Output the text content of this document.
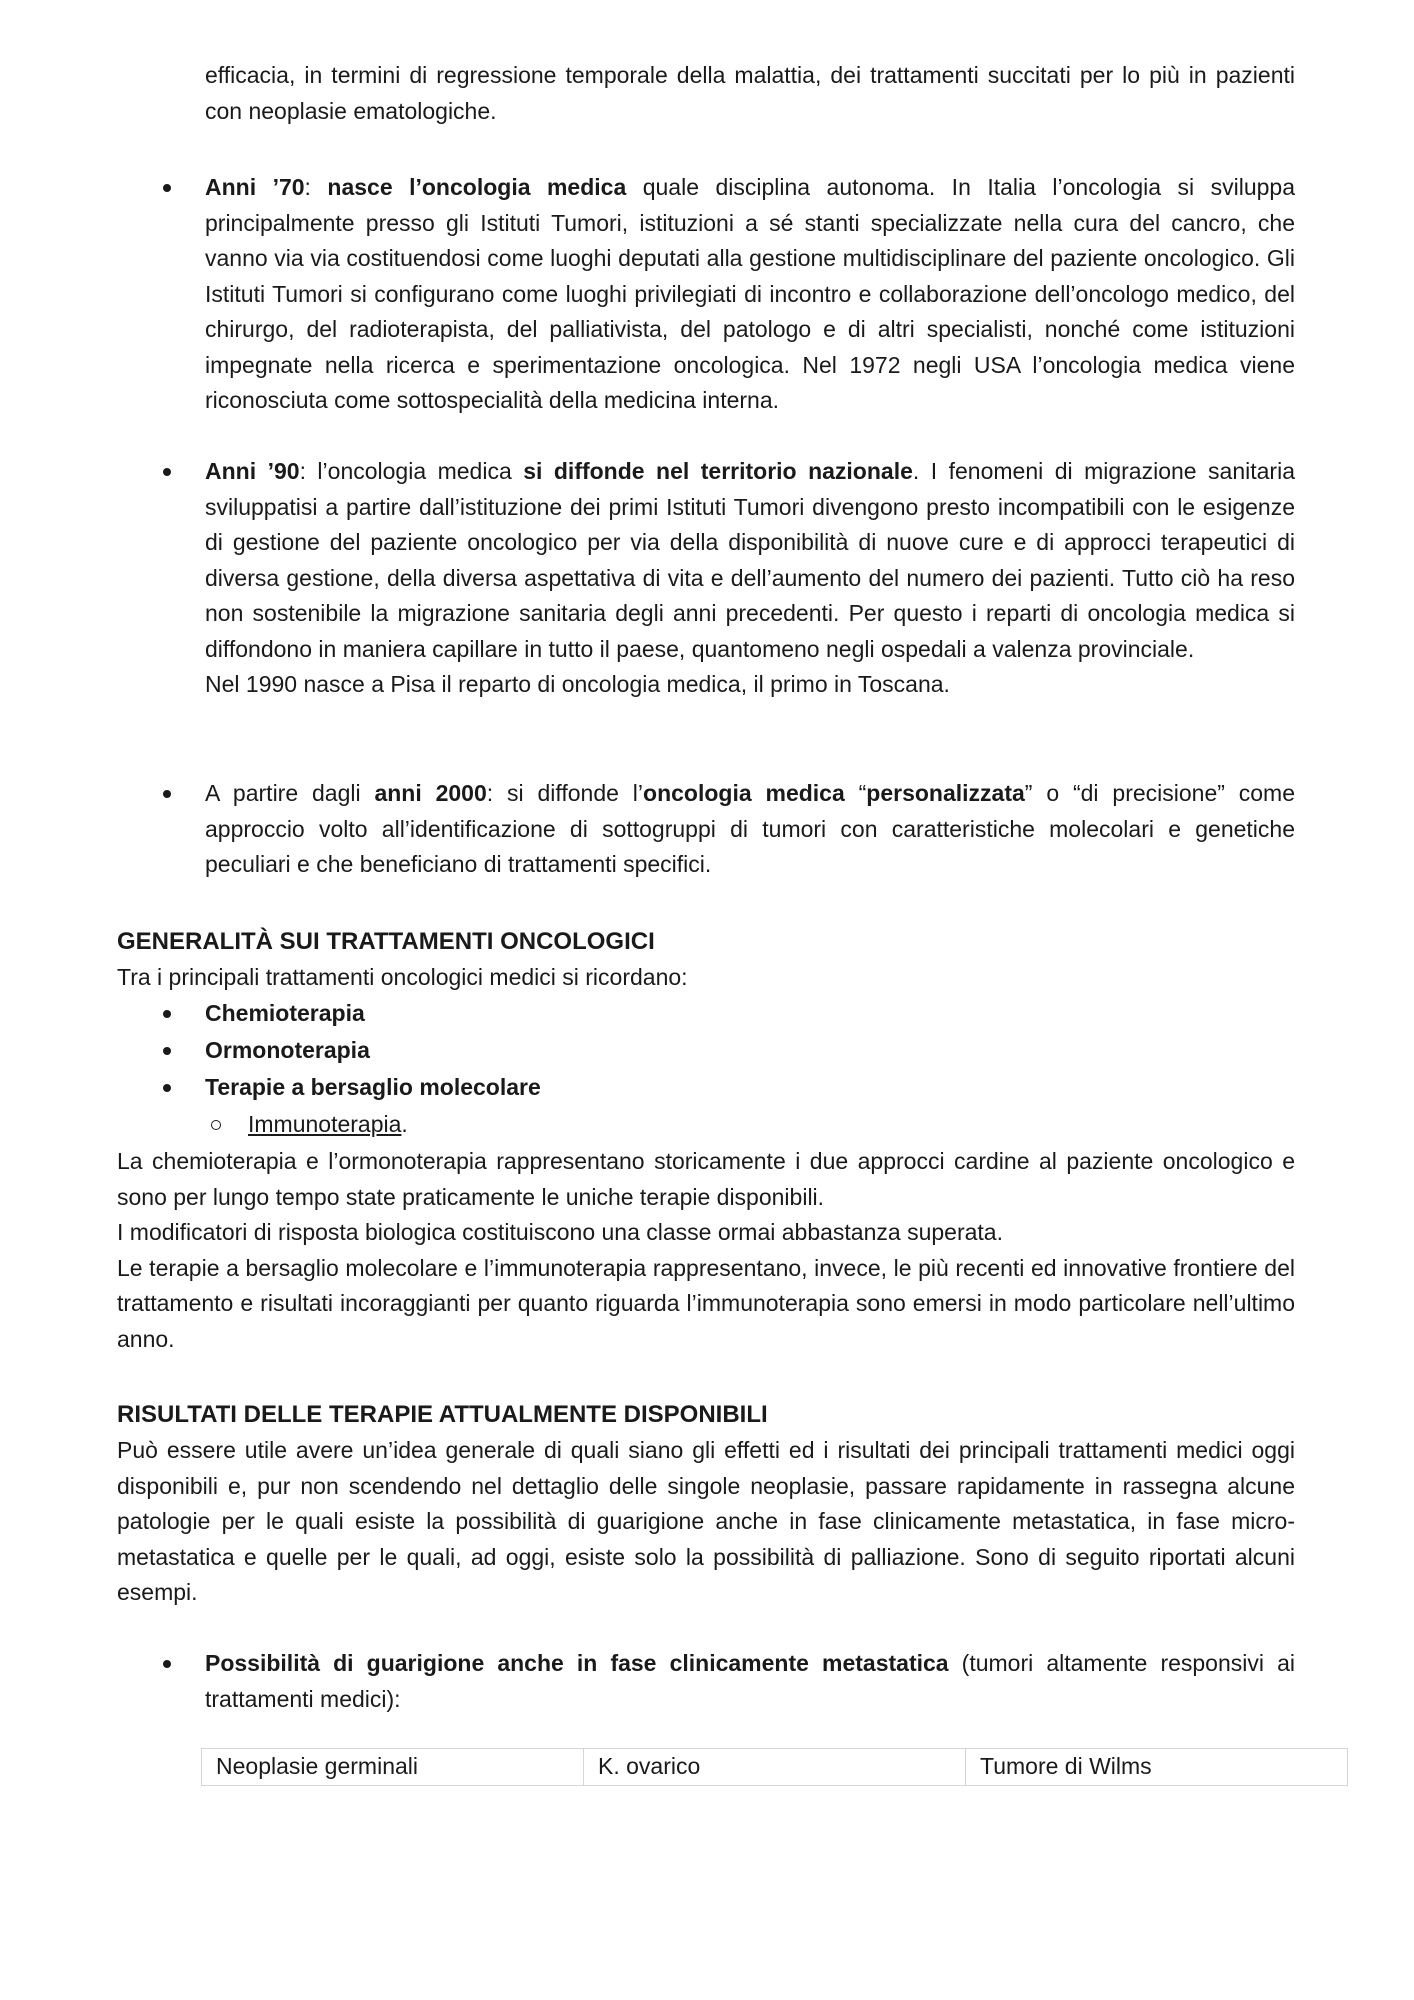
efficacia, in termini di regressione temporale della malattia, dei trattamenti succitati per lo più in pazienti con neoplasie ematologiche.

Anni ’70: nasce l’oncologia medica quale disciplina autonoma. In Italia l’oncologia si sviluppa principalmente presso gli Istituti Tumori, istituzioni a sé stanti specializzate nella cura del cancro, che vanno via via costituendosi come luoghi deputati alla gestione multidisciplinare del paziente oncologico. Gli Istituti Tumori si configurano come luoghi privilegiati di incontro e collaborazione dell’oncologo medico, del chirurgo, del radioterapista, del palliativista, del patologo e di altri specialisti, nonché come istituzioni impegnate nella ricerca e sperimentazione oncologica. Nel 1972 negli USA l’oncologia medica viene riconosciuta come sottospecialità della medicina interna.

Anni ’90: l’oncologia medica si diffonde nel territorio nazionale. I fenomeni di migrazione sanitaria sviluppatisi a partire dall’istituzione dei primi Istituti Tumori divengono presto incompatibili con le esigenze di gestione del paziente oncologico per via della disponibilità di nuove cure e di approcci terapeutici di diversa gestione, della diversa aspettativa di vita e dell’aumento del numero dei pazienti. Tutto ciò ha reso non sostenibile la migrazione sanitaria degli anni precedenti. Per questo i reparti di oncologia medica si diffondono in maniera capillare in tutto il paese, quantomeno negli ospedali a valenza provinciale.

Nel 1990 nasce a Pisa il reparto di oncologia medica, il primo in Toscana.

A partire dagli anni 2000: si diffonde l’oncologia medica “personalizzata” o “di precisione” come approccio volto all’identificazione di sottogruppi di tumori con caratteristiche molecolari e genetiche peculiari e che beneficiano di trattamenti specifici.

GENERALITÀ SUI TRATTAMENTI ONCOLOGICI

Tra i principali trattamenti oncologici medici si ricordano:

Chemioterapia
Ormonoterapia
Terapie a bersaglio molecolare
Immunoterapia.

La chemioterapia e l’ormonoterapia rappresentano storicamente i due approcci cardine al paziente oncologico e sono per lungo tempo state praticamente le uniche terapie disponibili.

I modificatori di risposta biologica costituiscono una classe ormai abbastanza superata.

Le terapie a bersaglio molecolare e l’immunoterapia rappresentano, invece, le più recenti ed innovative frontiere del trattamento e risultati incoraggianti per quanto riguarda l’immunoterapia sono emersi in modo particolare nell’ultimo anno.

RISULTATI DELLE TERAPIE ATTUALMENTE DISPONIBILI

Può essere utile avere un’idea generale di quali siano gli effetti ed i risultati dei principali trattamenti medici oggi disponibili e, pur non scendendo nel dettaglio delle singole neoplasie, passare rapidamente in rassegna alcune patologie per le quali esiste la possibilità di guarigione anche in fase clinicamente metastatica, in fase micro-metastatica e quelle per le quali, ad oggi, esiste solo la possibilità di palliazione. Sono di seguito riportati alcuni esempi.

Possibilità di guarigione anche in fase clinicamente metastatica (tumori altamente responsivi ai trattamenti medici):

Neoplasie germinali	K. ovarico	Tumore di Wilms
